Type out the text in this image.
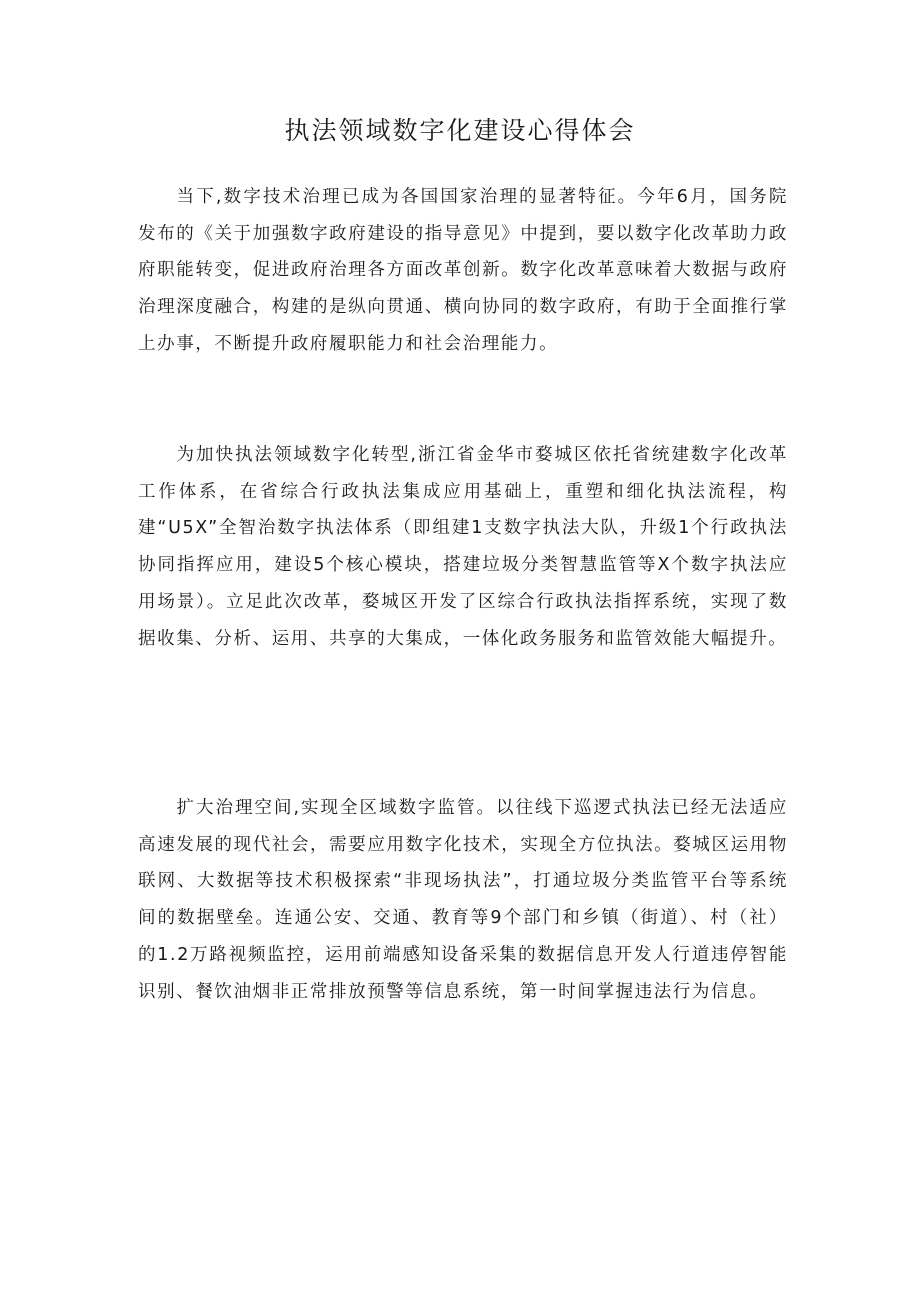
执法领域数字化建设心得体会

当下,数字技术治理已成为各国国家治理的显著特征。今年6月，国务院发布的《关于加强数字政府建设的指导意见》中提到，要以数字化改革助力政府职能转变，促进政府治理各方面改革创新。数字化改革意味着大数据与政府治理深度融合，构建的是纵向贯通、横向协同的数字政府，有助于全面推行掌上办事，不断提升政府履职能力和社会治理能力。

为加快执法领域数字化转型,浙江省金华市婺城区依托省统建数字化改革工作体系，在省综合行政执法集成应用基础上，重塑和细化执法流程，构建“U5X”全智治数字执法体系（即组建1支数字执法大队，升级1个行政执法协同指挥应用，建设5个核心模块，搭建垃圾分类智慧监管等X个数字执法应用场景）。立足此次改革，婺城区开发了区综合行政执法指挥系统，实现了数据收集、分析、运用、共享的大集成，一体化政务服务和监管效能大幅提升。

扩大治理空间,实现全区域数字监管。以往线下巡逻式执法已经无法适应高速发展的现代社会，需要应用数字化技术，实现全方位执法。婺城区运用物联网、大数据等技术积极探索“非现场执法”，打通垃圾分类监管平台等系统间的数据壁垒。连通公安、交通、教育等9个部门和乡镇（街道）、村（社）的1.2万路视频监控，运用前端感知设备采集的数据信息开发人行道违停智能识别、餐饮油烟非正常排放预警等信息系统，第一时间掌握违法行为信息。
